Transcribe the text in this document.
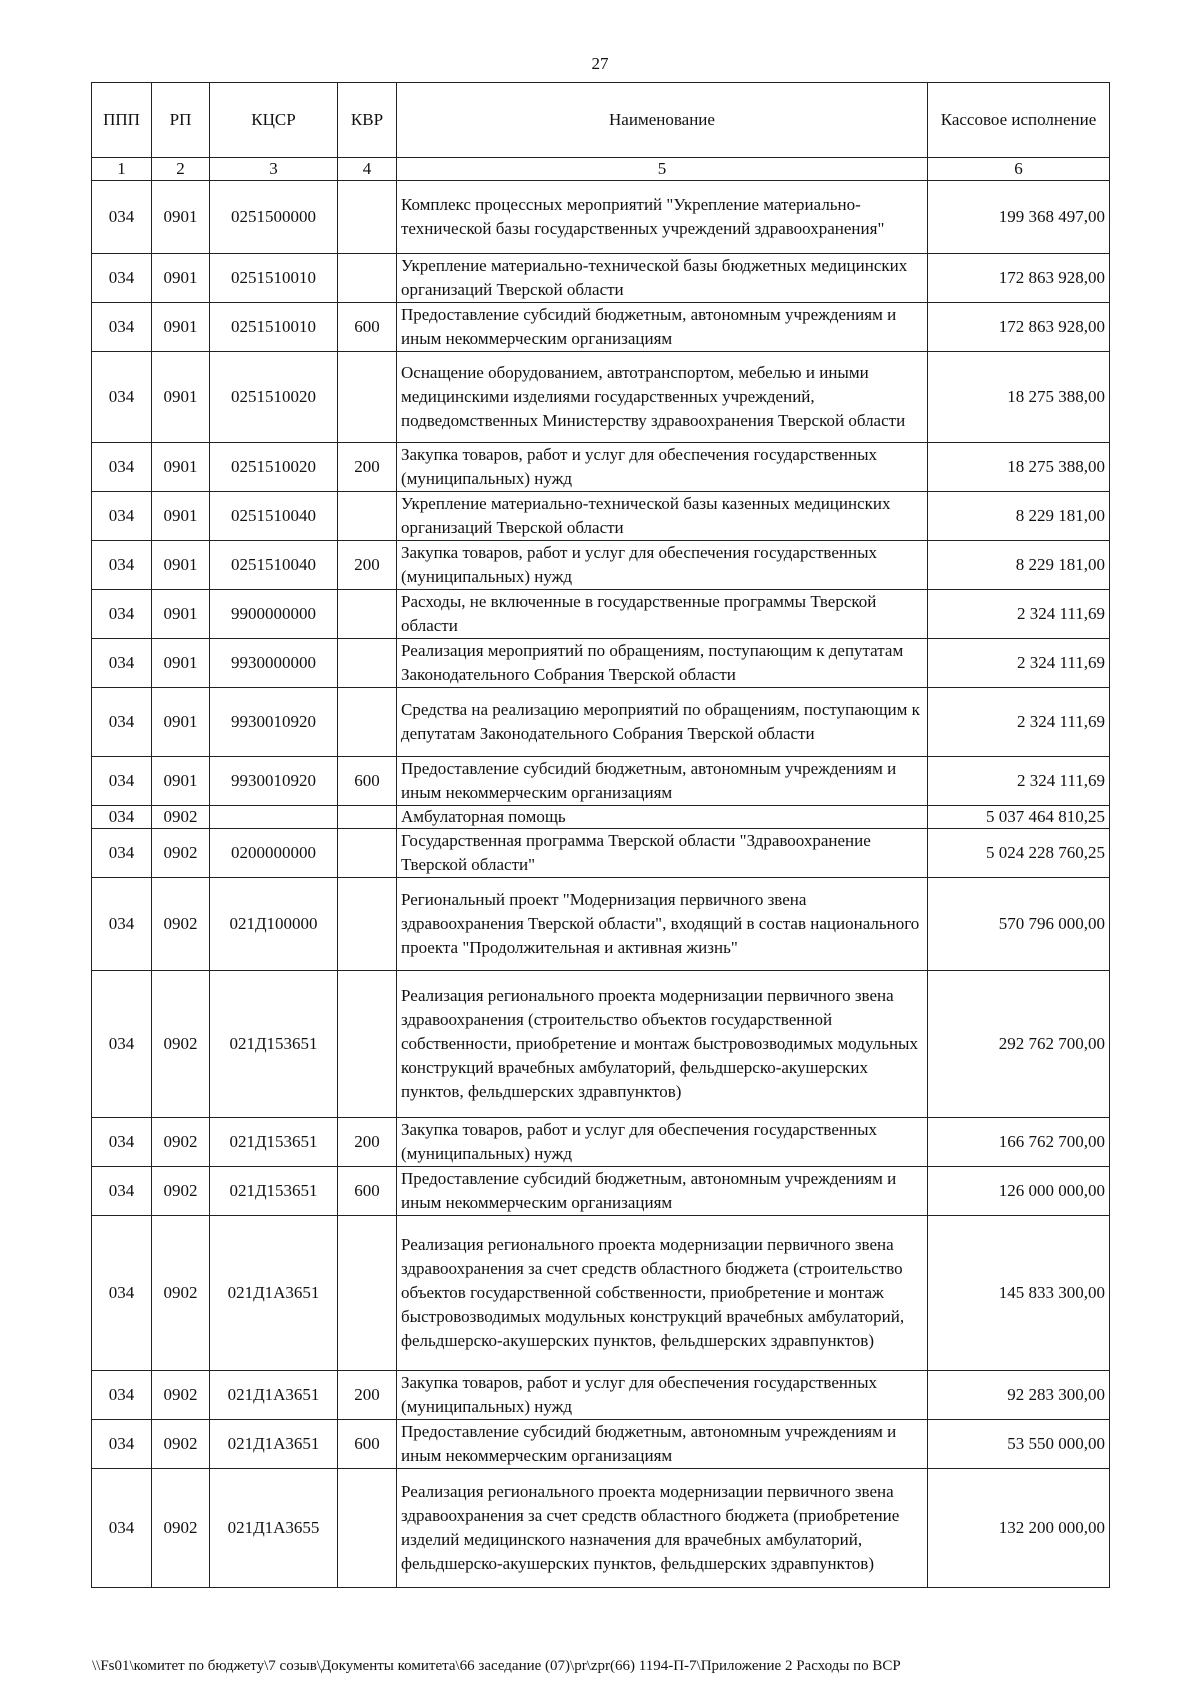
27
ППП	РП	КЦСР	КВР	Наименование	Кассовое исполнение
1	2	3	4	5	6
034	0901	0251500000		Комплекс процессных мероприятий "Укрепление материально-технической базы государственных учреждений здравоохранения"	199 368 497,00
034	0901	0251510010		Укрепление материально-технической базы бюджетных медицинских организаций Тверской области	172 863 928,00
034	0901	0251510010	600	Предоставление субсидий бюджетным, автономным учреждениям и иным некоммерческим организациям	172 863 928,00
034	0901	0251510020		Оснащение оборудованием, автотранспортом, мебелью и иными медицинскими изделиями государственных учреждений, подведомственных Министерству здравоохранения Тверской области	18 275 388,00
034	0901	0251510020	200	Закупка товаров, работ и услуг для обеспечения государственных (муниципальных) нужд	18 275 388,00
034	0901	0251510040		Укрепление материально-технической базы казенных медицинских организаций Тверской области	8 229 181,00
034	0901	0251510040	200	Закупка товаров, работ и услуг для обеспечения государственных (муниципальных) нужд	8 229 181,00
034	0901	9900000000		Расходы, не включенные в государственные программы Тверской области	2 324 111,69
034	0901	9930000000		Реализация мероприятий по обращениям, поступающим к депутатам Законодательного Собрания Тверской области	2 324 111,69
034	0901	9930010920		Средства на реализацию мероприятий по обращениям, поступающим к депутатам Законодательного Собрания Тверской области	2 324 111,69
034	0901	9930010920	600	Предоставление субсидий бюджетным, автономным учреждениям и иным некоммерческим организациям	2 324 111,69
034	0902			Амбулаторная помощь	5 037 464 810,25
034	0902	0200000000		Государственная программа Тверской области "Здравоохранение Тверской области"	5 024 228 760,25
034	0902	021Д100000		Региональный проект "Модернизация первичного звена здравоохранения Тверской области", входящий в состав национального проекта "Продолжительная и активная жизнь"	570 796 000,00
034	0902	021Д153651		Реализация регионального проекта модернизации первичного звена здравоохранения (строительство объектов государственной собственности, приобретение и монтаж быстровозводимых модульных конструкций врачебных амбулаторий, фельдшерско-акушерских пунктов, фельдшерских здравпунктов)	292 762 700,00
034	0902	021Д153651	200	Закупка товаров, работ и услуг для обеспечения государственных (муниципальных) нужд	166 762 700,00
034	0902	021Д153651	600	Предоставление субсидий бюджетным, автономным учреждениям и иным некоммерческим организациям	126 000 000,00
034	0902	021Д1А3651		Реализация регионального проекта модернизации первичного звена здравоохранения за счет средств областного бюджета (строительство объектов государственной собственности, приобретение и монтаж быстровозводимых модульных конструкций врачебных амбулаторий, фельдшерско-акушерских пунктов, фельдшерских здравпунктов)	145 833 300,00
034	0902	021Д1А3651	200	Закупка товаров, работ и услуг для обеспечения государственных (муниципальных) нужд	92 283 300,00
034	0902	021Д1А3651	600	Предоставление субсидий бюджетным, автономным учреждениям и иным некоммерческим организациям	53 550 000,00
034	0902	021Д1А3655		Реализация регионального проекта модернизации первичного звена здравоохранения за счет средств областного бюджета (приобретение изделий медицинского назначения для врачебных амбулаторий, фельдшерско-акушерских пунктов, фельдшерских здравпунктов)	132 200 000,00
\\Fs01\комитет по бюджету\7 созыв\Документы комитета\66 заседание (07)\pr\zpr(66) 1194-П-7\Приложение 2 Расходы по ВСР
